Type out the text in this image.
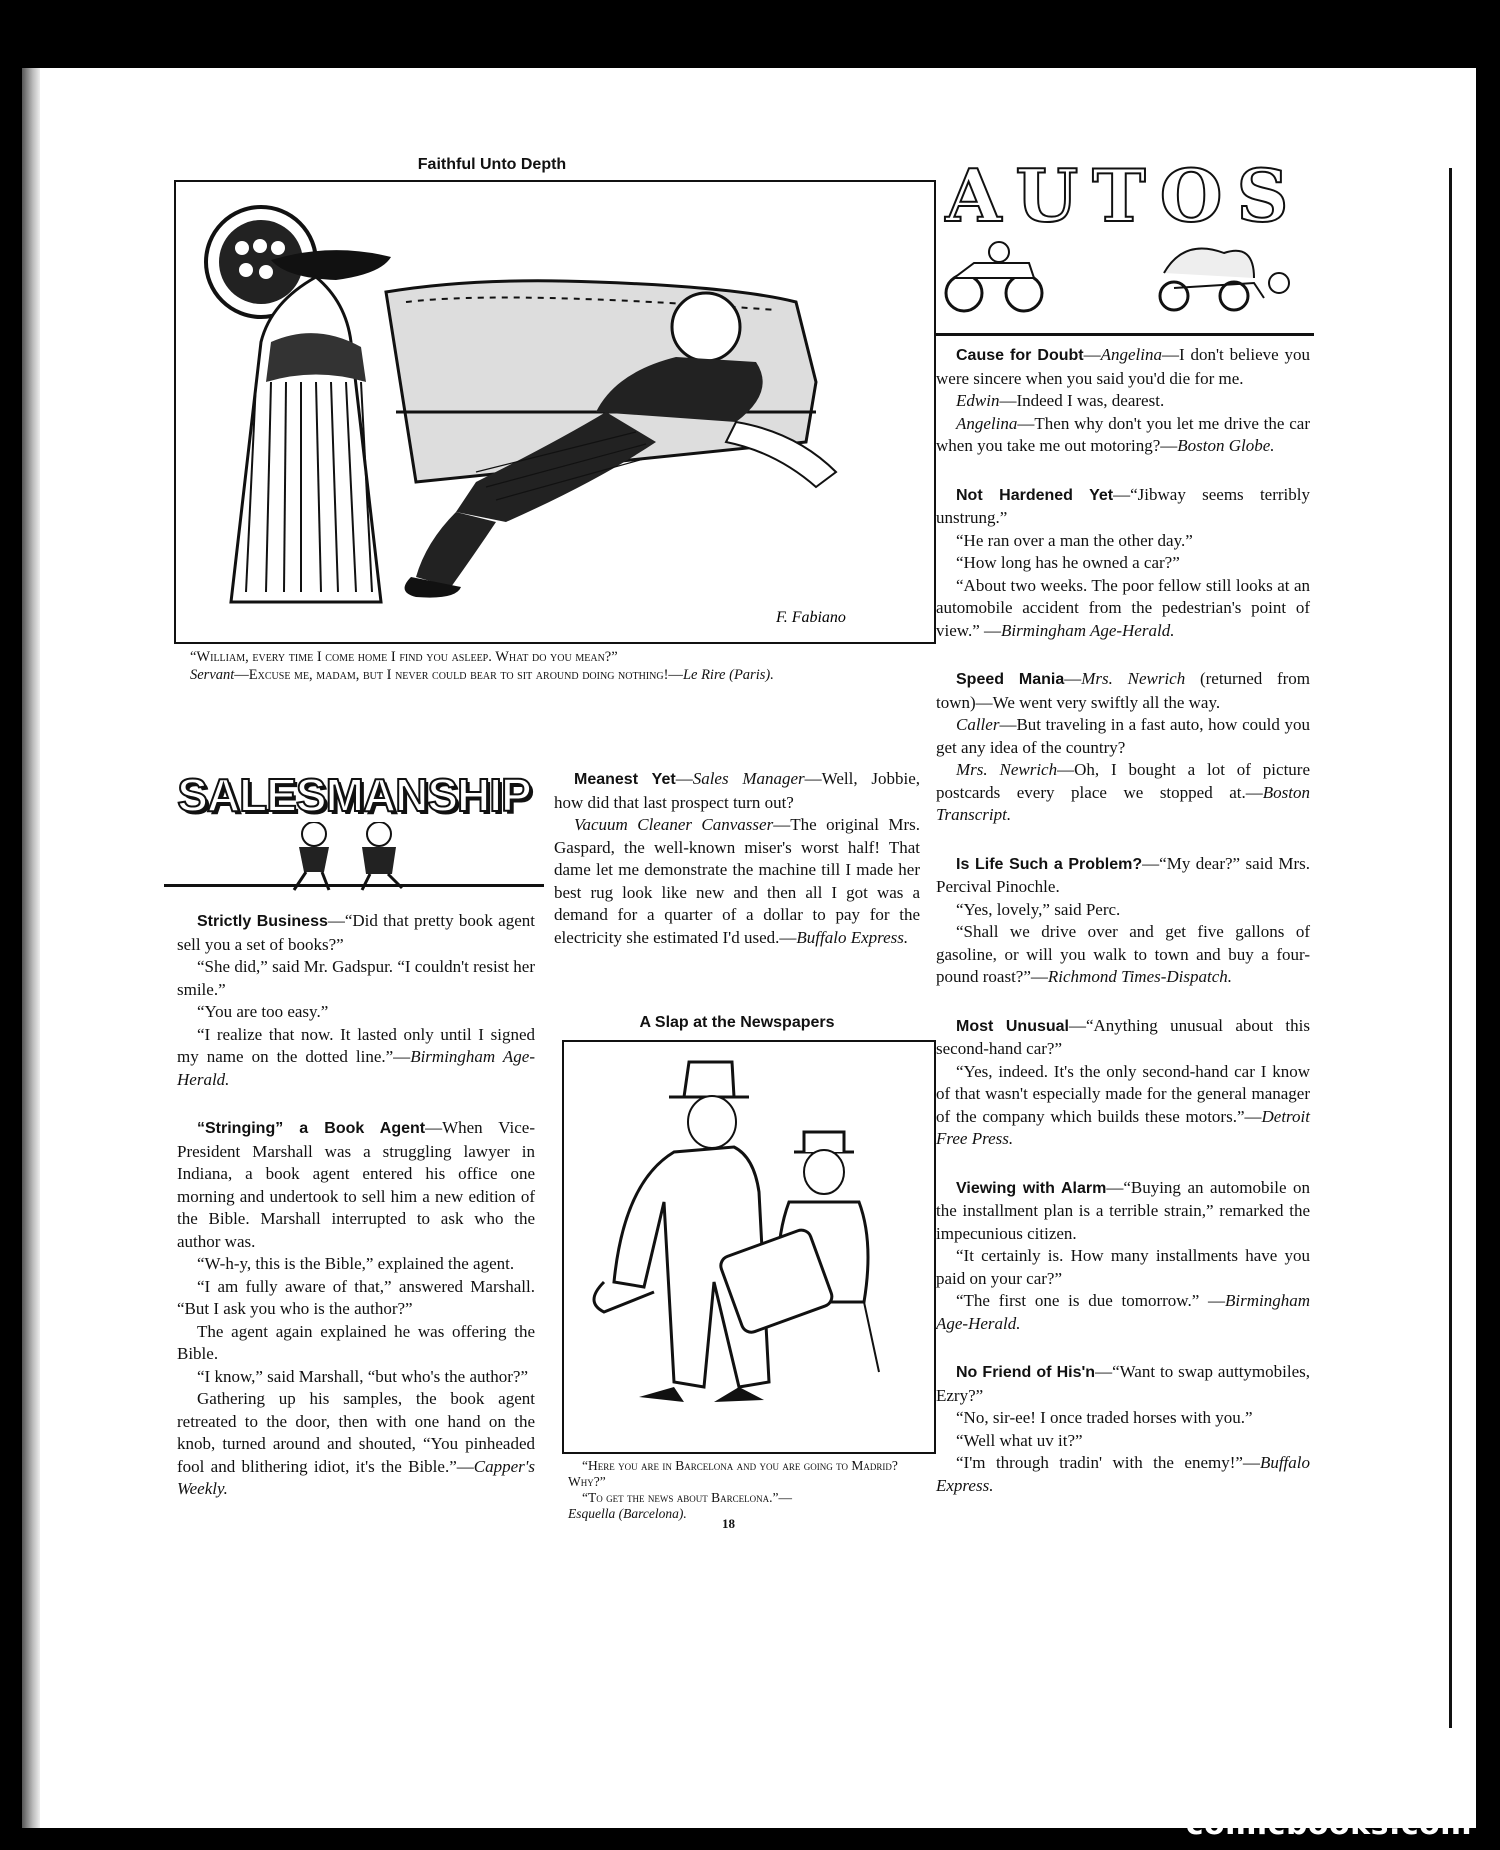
Faithful Unto Depth
F. Fabiano
“William, every time I come home I find you asleep. What do you mean?”
Servant—Excuse me, madam, but I never could bear to sit around doing nothing!—Le Rire (Paris).
AUTOS

Cause for Doubt—Angelina—I don't believe you were sincere when you said you'd die for me.

Edwin—Indeed I was, dearest.

Angelina—Then why don't you let me drive the car when you take me out motoring?—Boston Globe.

Not Hardened Yet—“Jibway seems terribly unstrung.”

“He ran over a man the other day.”

“How long has he owned a car?”

“About two weeks. The poor fellow still looks at an automobile accident from the pedestrian's point of view.” —Birmingham Age-Herald.

Speed Mania—Mrs. Newrich (returned from town)—We went very swiftly all the way.

Caller—But traveling in a fast auto, how could you get any idea of the country?

Mrs. Newrich—Oh, I bought a lot of picture postcards every place we stopped at.—Boston Transcript.

Is Life Such a Problem?—“My dear?” said Mrs. Percival Pinochle.

“Yes, lovely,” said Perc.

“Shall we drive over and get five gallons of gasoline, or will you walk to town and buy a four-pound roast?”—Richmond Times-Dispatch.

Most Unusual—“Anything unusual about this second-hand car?”

“Yes, indeed. It's the only second-hand car I know of that wasn't especially made for the general manager of the company which builds these motors.”—Detroit Free Press.

Viewing with Alarm—“Buying an automobile on the installment plan is a terrible strain,” remarked the impecunious citizen.

“It certainly is. How many installments have you paid on your car?”

“The first one is due tomorrow.” —Birmingham Age-Herald.

No Friend of His'n—“Want to swap auttymobiles, Ezry?”

“No, sir-ee! I once traded horses with you.”

“Well what uv it?”

“I'm through tradin' with the enemy!”—Buffalo Express.

SALESMANSHIP

Strictly Business—“Did that pretty book agent sell you a set of books?”

“She did,” said Mr. Gadspur. “I couldn't resist her smile.”

“You are too easy.”

“I realize that now. It lasted only until I signed my name on the dotted line.”—Birmingham Age-Herald.

“Stringing” a Book Agent—When Vice-President Marshall was a struggling lawyer in Indiana, a book agent entered his office one morning and undertook to sell him a new edition of the Bible. Marshall interrupted to ask who the author was.

“W-h-y, this is the Bible,” explained the agent.

“I am fully aware of that,” answered Marshall. “But I ask you who is the author?”

The agent again explained he was offering the Bible.

“I know,” said Marshall, “but who's the author?”

Gathering up his samples, the book agent retreated to the door, then with one hand on the knob, turned around and shouted, “You pinheaded fool and blithering idiot, it's the Bible.”—Capper's Weekly.

Meanest Yet—Sales Manager—Well, Jobbie, how did that last prospect turn out?

Vacuum Cleaner Canvasser—The original Mrs. Gaspard, the well-known miser's worst half! That dame let me demonstrate the machine till I made her best rug look like new and then all I got was a demand for a quarter of a dollar to pay for the electricity she estimated I'd used.—Buffalo Express.

A Slap at the Newspapers
“Here you are in Barcelona and you are going to Madrid? Why?”
“To get the news about Barcelona.”—
Esquella (Barcelona).
18
comicbooks.com
